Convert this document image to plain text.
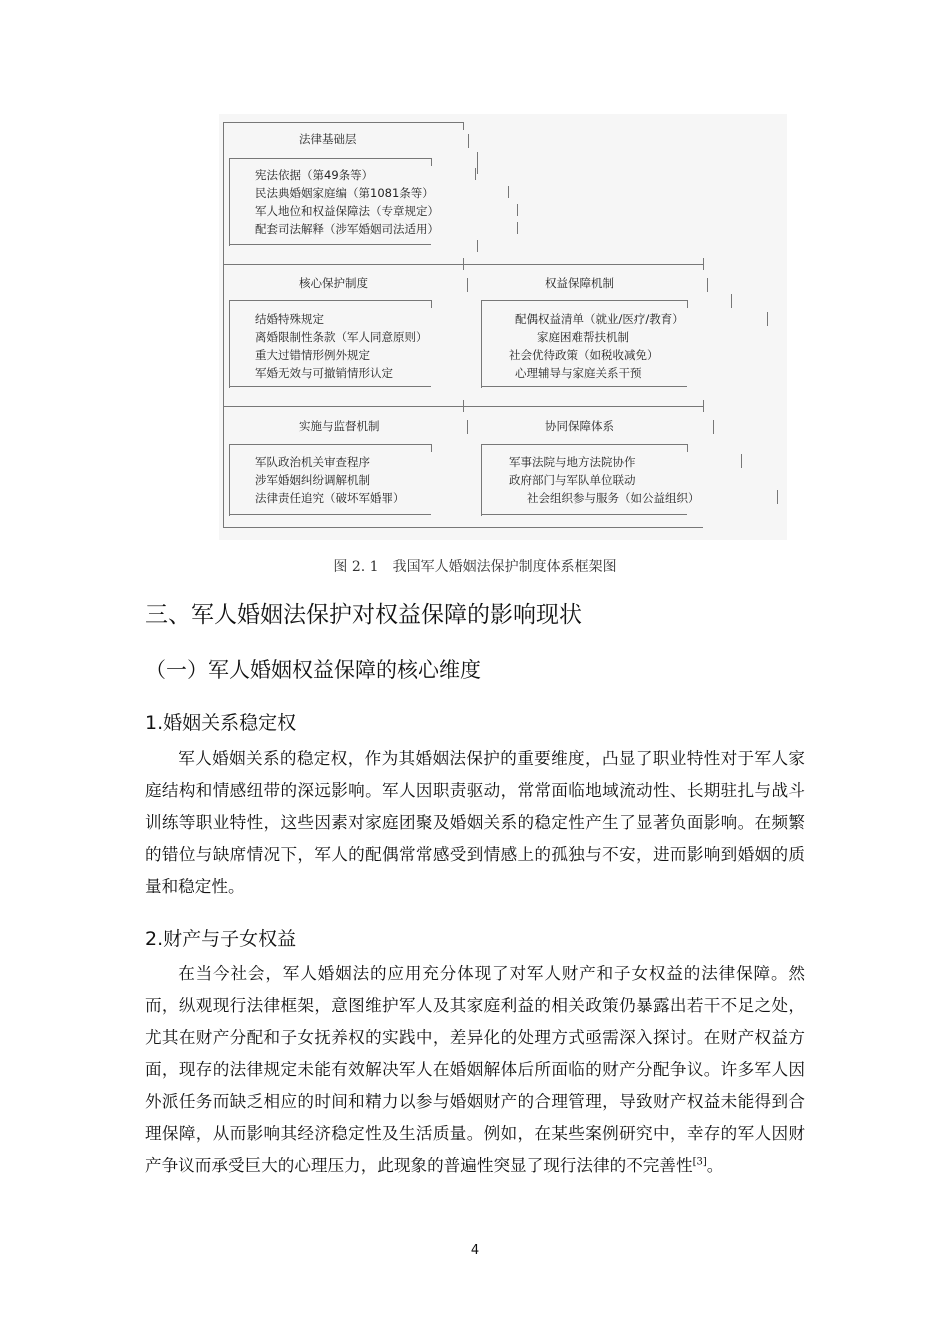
法律基础层
宪法依据（第49条等）
民法典婚姻家庭编（第1081条等）
军人地位和权益保障法（专章规定）
配套司法解释（涉军婚姻司法适用）
核心保护制度
结婚特殊规定
离婚限制性条款（军人同意原则）
重大过错情形例外规定
军婚无效与可撤销情形认定
权益保障机制
配偶权益清单（就业/医疗/教育）
家庭困难帮扶机制
社会优待政策（如税收减免）
心理辅导与家庭关系干预
实施与监督机制
军队政治机关审查程序
涉军婚姻纠纷调解机制
法律责任追究（破坏军婚罪）
协同保障体系
军事法院与地方法院协作
政府部门与军队单位联动
社会组织参与服务（如公益组织）
图 2. 1　我国军人婚姻法保护制度体系框架图
三、军人婚姻法保护对权益保障的影响现状
（一）军人婚姻权益保障的核心维度
1.婚姻关系稳定权
军人婚姻关系的稳定权，作为其婚姻法保护的重要维度，凸显了职业特性对于军人家庭结构和情感纽带的深远影响。军人因职责驱动，常常面临地域流动性、长期驻扎与战斗训练等职业特性，这些因素对家庭团聚及婚姻关系的稳定性产生了显著负面影响。在频繁的错位与缺席情况下，军人的配偶常常感受到情感上的孤独与不安，进而影响到婚姻的质量和稳定性。
2.财产与子女权益
在当今社会，军人婚姻法的应用充分体现了对军人财产和子女权益的法律保障。然而，纵观现行法律框架，意图维护军人及其家庭利益的相关政策仍暴露出若干不足之处，尤其在财产分配和子女抚养权的实践中，差异化的处理方式亟需深入探讨。在财产权益方面，现存的法律规定未能有效解决军人在婚姻解体后所面临的财产分配争议。许多军人因外派任务而缺乏相应的时间和精力以参与婚姻财产的合理管理，导致财产权益未能得到合理保障，从而影响其经济稳定性及生活质量。例如，在某些案例研究中，幸存的军人因财产争议而承受巨大的心理压力，此现象的普遍性突显了现行法律的不完善性[3]。
4
